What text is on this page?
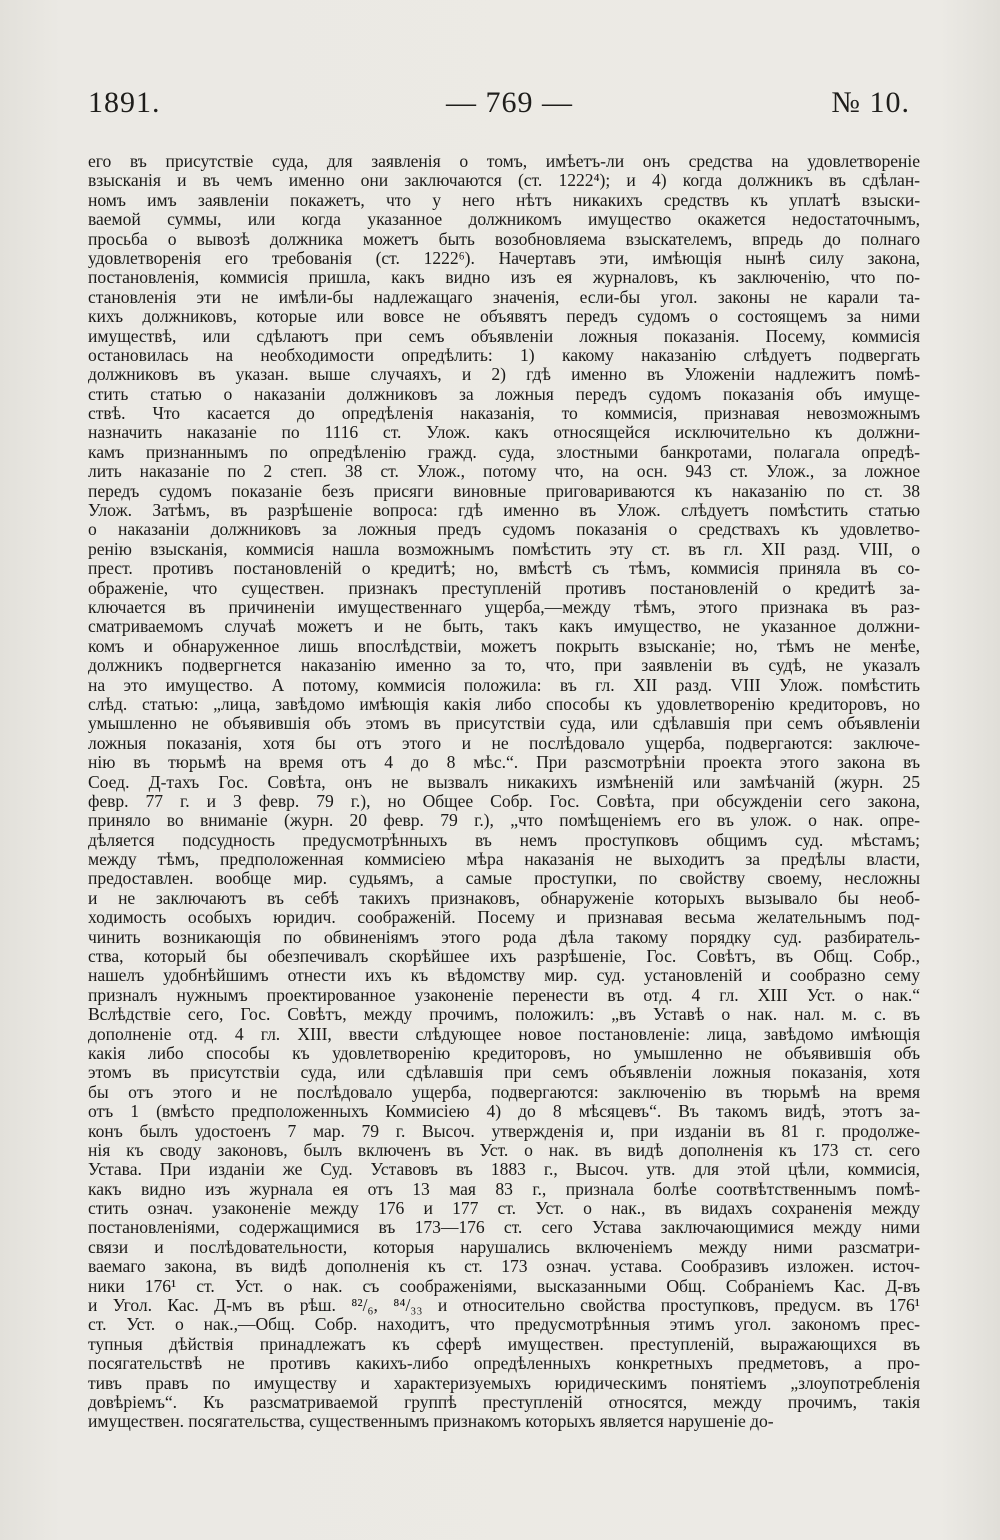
1891.	— 769 —	№ 10.
его въ присутствіе суда, для заявленія о томъ, имѣетъ-ли онъ средства на удовлетвореніе
взысканія и въ чемъ именно они заключаются (ст. 1222⁴); и 4) когда должникъ въ сдѣлан-
номъ имъ заявленіи покажетъ, что у него нѣтъ никакихъ средствъ къ уплатѣ взыски-
ваемой суммы, или когда указанное должникомъ имущество окажется недостаточнымъ,
просьба о вывозѣ должника можетъ быть возобновляема взыскателемъ, впредь до полнаго
удовлетворенія его требованія (ст. 1222⁶). Начертавъ эти, имѣющія нынѣ силу закона,
постановленія, коммисія пришла, какъ видно изъ ея журналовъ, къ заключенію, что по-
становленія эти не имѣли-бы надлежащаго значенія, если-бы угол. законы не карали та-
кихъ должниковъ, которые или вовсе не объявятъ передъ судомъ о состоящемъ за ними
имуществѣ, или сдѣлаютъ при семъ объявленіи ложныя показанія. Посему, коммисія
остановилась на необходимости опредѣлить: 1) какому наказанію слѣдуетъ подвергать
должниковъ въ указан. выше случаяхъ, и 2) гдѣ именно въ Уложеніи надлежитъ помѣ-
стить статью о наказаніи должниковъ за ложныя передъ судомъ показанія объ имуще-
ствѣ. Что касается до опредѣленія наказанія, то коммисія, признавая невозможнымъ
назначить наказаніе по 1116 ст. Улож. какъ относящейся исключительно къ должни-
камъ признаннымъ по опредѣленію гражд. суда, злостными банкротами, полагала опредѣ-
лить наказаніе по 2 степ. 38 ст. Улож., потому что, на осн. 943 ст. Улож., за ложное
передъ судомъ показаніе безъ присяги виновные приговариваются къ наказанію по ст. 38
Улож. Затѣмъ, въ разрѣшеніе вопроса: гдѣ именно въ Улож. слѣдуетъ помѣстить статью
о наказаніи должниковъ за ложныя предъ судомъ показанія о средствахъ къ удовлетво-
ренію взысканія, коммисія нашла возможнымъ помѣстить эту ст. въ гл. XII разд. VIII, о
прест. противъ постановленій о кредитѣ; но, вмѣстѣ съ тѣмъ, коммисія приняла въ со-
ображеніе, что существен. признакъ преступленій противъ постановленій о кредитѣ за-
ключается въ причиненіи имущественнаго ущерба,—между тѣмъ, этого признака въ раз-
сматриваемомъ случаѣ можетъ и не быть, такъ какъ имущество, не указанное должни-
комъ и обнаруженное лишь впослѣдствіи, можетъ покрыть взысканіе; но, тѣмъ не менѣе,
должникъ подвергнется наказанію именно за то, что, при заявленіи въ судѣ, не указалъ
на это имущество. А потому, коммисія положила: въ гл. XII разд. VIII Улож. помѣстить
слѣд. статью: „лица, завѣдомо имѣющія какія либо способы къ удовлетворенію кредиторовъ, но
умышленно не объявившія объ этомъ въ присутствіи суда, или сдѣлавшія при семъ объявленіи
ложныя показанія, хотя бы отъ этого и не послѣдовало ущерба, подвергаются: заключе-
нію въ тюрьмѣ на время отъ 4 до 8 мѣс.“. При разсмотрѣніи проекта этого закона въ
Соед. Д-тахъ Гос. Совѣта, онъ не вызвалъ никакихъ измѣненій или замѣчаній (журн. 25
февр. 77 г. и 3 февр. 79 г.), но Общее Собр. Гос. Совѣта, при обсужденіи сего закона,
приняло во вниманіе (журн. 20 февр. 79 г.), „что помѣщеніемъ его въ улож. о нак. опре-
дѣляется подсудность предусмотрѣнныхъ въ немъ проступковъ общимъ суд. мѣстамъ;
между тѣмъ, предположенная коммисіею мѣра наказанія не выходитъ за предѣлы власти,
предоставлен. вообще мир. судьямъ, а самые проступки, по свойству своему, несложны
и не заключаютъ въ себѣ такихъ признаковъ, обнаруженіе которыхъ вызывало бы необ-
ходимость особыхъ юридич. соображеній. Посему и признавая весьма желательнымъ под-
чинить возникающія по обвиненіямъ этого рода дѣла такому порядку суд. разбиратель-
ства, который бы обезпечивалъ скорѣйшее ихъ разрѣшеніе, Гос. Совѣтъ, въ Общ. Собр.,
нашелъ удобнѣйшимъ отнести ихъ къ вѣдомству мир. суд. установленій и сообразно сему
призналъ нужнымъ проектированное узаконеніе перенести въ отд. 4 гл. XIII Уст. о нак.“
Вслѣдствіе сего, Гос. Совѣтъ, между прочимъ, положилъ: „въ Уставѣ о нак. нал. м. с. въ
дополненіе отд. 4 гл. XIII, ввести слѣдующее новое постановленіе: лица, завѣдомо имѣющія
какія либо способы къ удовлетворенію кредиторовъ, но умышленно не объявившія объ
этомъ въ присутствіи суда, или сдѣлавшія при семъ объявленіи ложныя показанія, хотя
бы отъ этого и не послѣдовало ущерба, подвергаются: заключенію въ тюрьмѣ на время
отъ 1 (вмѣсто предположенныхъ Коммисіею 4) до 8 мѣсяцевъ“. Въ такомъ видѣ, этотъ за-
конъ былъ удостоенъ 7 мар. 79 г. Высоч. утвержденія и, при изданіи въ 81 г. продолже-
нія къ своду законовъ, былъ включенъ въ Уст. о нак. въ видѣ дополненія къ 173 ст. сего
Устава. При изданіи же Суд. Уставовъ въ 1883 г., Высоч. утв. для этой цѣли, коммисія,
какъ видно изъ журнала ея отъ 13 мая 83 г., признала болѣе соотвѣтственнымъ помѣ-
стить означ. узаконеніе между 176 и 177 ст. Уст. о нак., въ видахъ сохраненія между
постановленіями, содержащимися въ 173—176 ст. сего Устава заключающимися между ними
связи и послѣдовательности, которыя нарушались включеніемъ между ними разсматри-
ваемаго закона, въ видѣ дополненія къ ст. 173 означ. устава. Сообразивъ изложен. источ-
ники 176¹ ст. Уст. о нак. съ соображеніями, высказанными Общ. Собраніемъ Кас. Д-въ
и Угол. Кас. Д-мъ въ рѣш. ⁸²/₆, ⁸⁴/₃₃ и относительно свойства проступковъ, предусм. въ 176¹
ст. Уст. о нак.,—Общ. Собр. находитъ, что предусмотрѣнныя этимъ угол. закономъ прес-
тупныя дѣйствія принадлежатъ къ сферѣ имуществен. преступленій, выражающихся въ
посягательствѣ не противъ какихъ-либо опредѣленныхъ конкретныхъ предметовъ, а про-
тивъ правъ по имуществу и характеризуемыхъ юридическимъ понятіемъ „злоупотребленія
довѣріемъ“. Къ разсматриваемой группѣ преступленій относятся, между прочимъ, такія
имуществен. посягательства, существеннымъ признакомъ которыхъ является нарушеніе до-
